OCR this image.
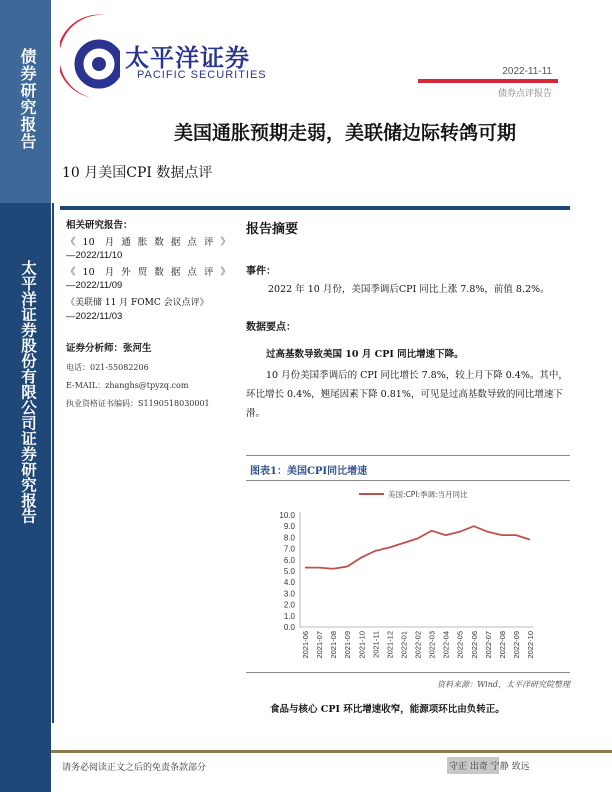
债券研究报告
太平洋证券股份有限公司证券研究报告
太平洋证券
PACIFIC SECURITIES	2022-11-11
债券点评报告
美国通胀预期走弱，美联储边际转鸽可期
10 月美国CPI 数据点评
相关研究报告：
《10 月通胀数据点评》
—2022/11/10
《10 月外贸数据点评》
—2022/11/09
《美联储 11 月 FOMC 会议点评》
—2022/11/03
证券分析师：张河生
电话：021-55082206
E-MAIL：zhanghs@tpyzq.com
执业资格证书编码：S1190518030001
报告摘要
事件：
2022 年 10 月份，美国季调后CPI 同比上涨 7.8%，前值 8.2%。
数据要点：
过高基数导致美国 10 月 CPI 同比增速下降。
10 月份美国季调后的 CPI 同比增长 7.8%，较上月下降 0.4%。其中，环比增长 0.4%，翘尾因素下降 0.81%，可见是过高基数导致的同比增速下滑。
图表1：美国CPI同比增速
美国:CPI:季调:当月同比
0.0
1.0
2.0
3.0
4.0
5.0
6.0
7.0
8.0
9.0
10.0
2021-06 2021-07 2021-08 2021-09 2021-10 2021-11 2021-12 2022-01 2022-02 2022-03 2022-04 2022-05 2022-06 2022-07 2022-08 2022-09 2022-10
资料来源：Wind，太平洋研究院整理
食品与核心 CPI 环比增速收窄，能源项环比由负转正。
请务必阅读正文之后的免责条款部分	守正 出奇 宁静 致远
